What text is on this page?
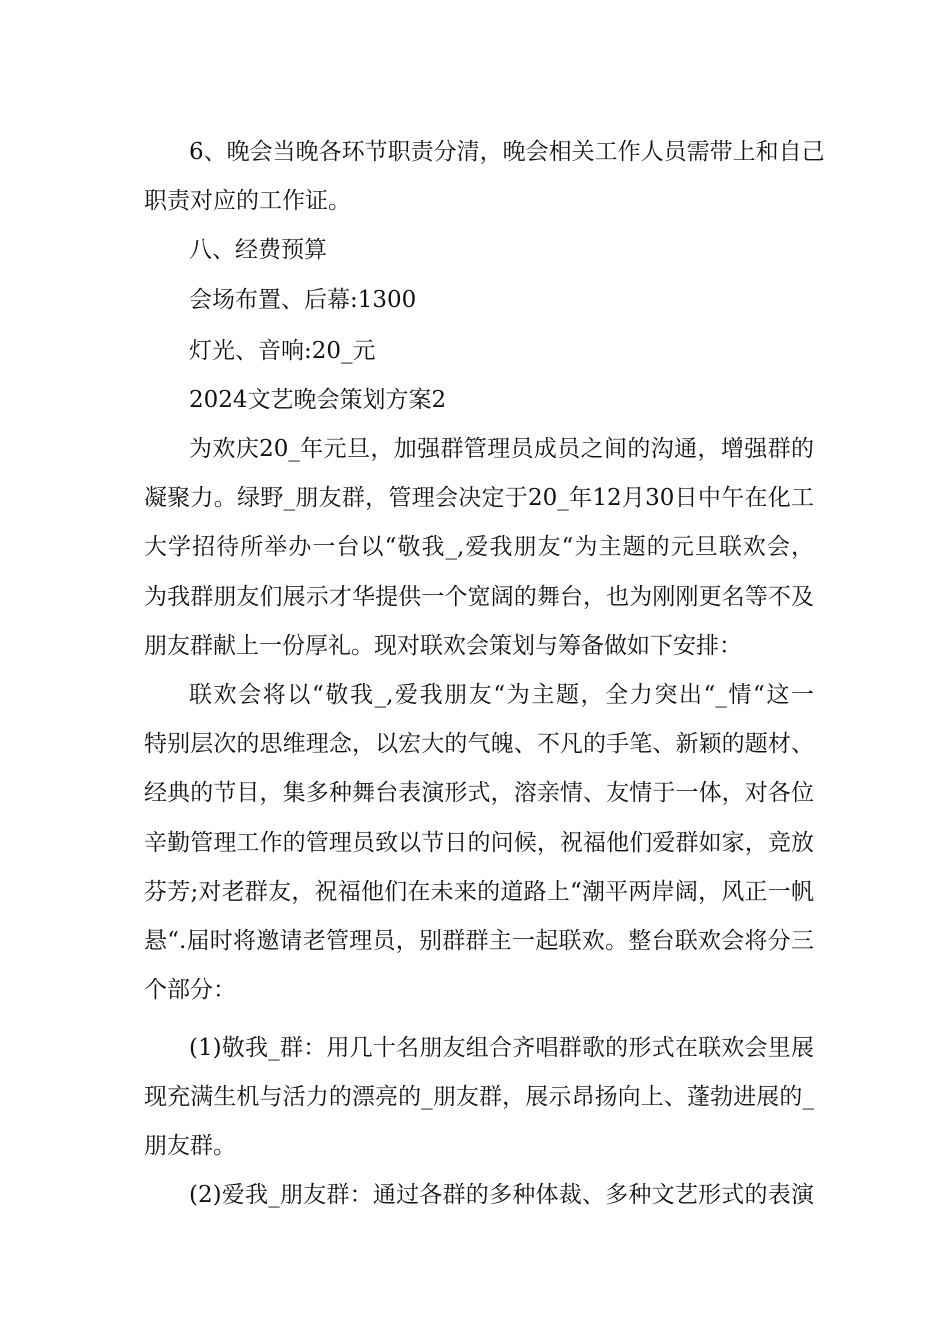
6、晚会当晚各环节职责分清，晚会相关工作人员需带上和自己
职责对应的工作证。
八、经费预算
会场布置、后幕:1300
灯光、音响:20_元
2024文艺晚会策划方案2
为欢庆20_年元旦，加强群管理员成员之间的沟通，增强群的
凝聚力。绿野_朋友群，管理会决定于20_年12月30日中午在化工
大学招待所举办一台以“敬我_,爱我朋友“为主题的元旦联欢会，
为我群朋友们展示才华提供一个宽阔的舞台，也为刚刚更名等不及
朋友群献上一份厚礼。现对联欢会策划与筹备做如下安排：
联欢会将以“敬我_,爱我朋友“为主题，全力突出“_情“这一
特别层次的思维理念，以宏大的气魄、不凡的手笔、新颖的题材、
经典的节目，集多种舞台表演形式，溶亲情、友情于一体，对各位
辛勤管理工作的管理员致以节日的问候，祝福他们爱群如家，竞放
芬芳;对老群友，祝福他们在未来的道路上“潮平两岸阔，风正一帆
悬“.届时将邀请老管理员，别群群主一起联欢。整台联欢会将分三
个部分：
(1)敬我_群：用几十名朋友组合齐唱群歌的形式在联欢会里展
现充满生机与活力的漂亮的_朋友群，展示昂扬向上、蓬勃进展的_
朋友群。
(2)爱我_朋友群：通过各群的多种体裁、多种文艺形式的表演
